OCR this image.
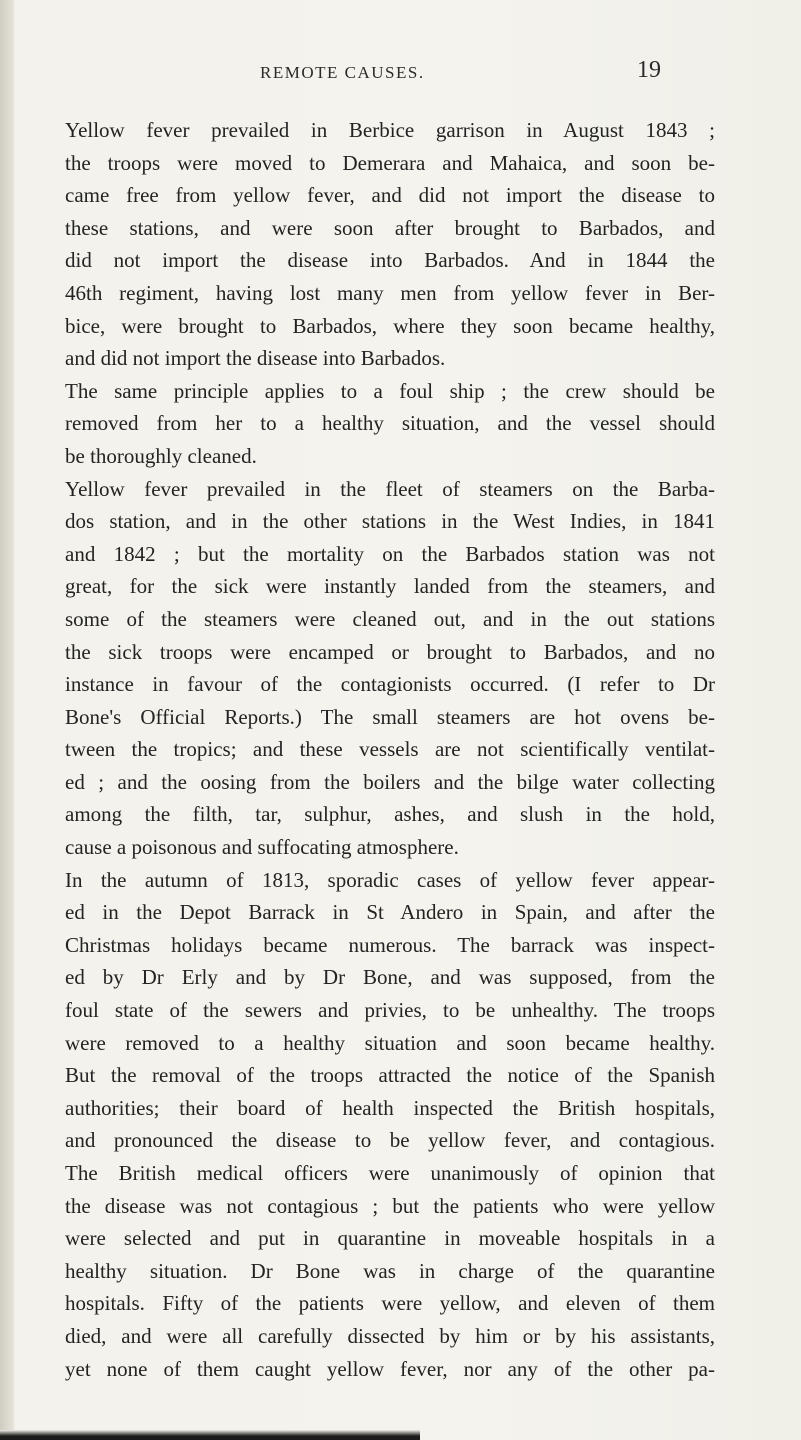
REMOTE CAUSES.	19
Yellow fever prevailed in Berbice garrison in August 1843 ;
the troops were moved to Demerara and Mahaica, and soon be-
came free from yellow fever, and did not import the disease to
these stations, and were soon after brought to Barbados, and
did not import the disease into Barbados. And in 1844 the
46th regiment, having lost many men from yellow fever in Ber-
bice, were brought to Barbados, where they soon became healthy,
and did not import the disease into Barbados.
The same principle applies to a foul ship ; the crew should be
removed from her to a healthy situation, and the vessel should
be thoroughly cleaned.
Yellow fever prevailed in the fleet of steamers on the Barba-
dos station, and in the other stations in the West Indies, in 1841
and 1842 ; but the mortality on the Barbados station was not
great, for the sick were instantly landed from the steamers, and
some of the steamers were cleaned out, and in the out stations
the sick troops were encamped or brought to Barbados, and no
instance in favour of the contagionists occurred. (I refer to Dr
Bone's Official Reports.) The small steamers are hot ovens be-
tween the tropics; and these vessels are not scientifically ventilat-
ed ; and the oosing from the boilers and the bilge water collecting
among the filth, tar, sulphur, ashes, and slush in the hold,
cause a poisonous and suffocating atmosphere.
In the autumn of 1813, sporadic cases of yellow fever appear-
ed in the Depot Barrack in St Andero in Spain, and after the
Christmas holidays became numerous. The barrack was inspect-
ed by Dr Erly and by Dr Bone, and was supposed, from the
foul state of the sewers and privies, to be unhealthy. The troops
were removed to a healthy situation and soon became healthy.
But the removal of the troops attracted the notice of the Spanish
authorities; their board of health inspected the British hospitals,
and pronounced the disease to be yellow fever, and contagious.
The British medical officers were unanimously of opinion that
the disease was not contagious ; but the patients who were yellow
were selected and put in quarantine in moveable hospitals in a
healthy situation. Dr Bone was in charge of the quarantine
hospitals. Fifty of the patients were yellow, and eleven of them
died, and were all carefully dissected by him or by his assistants,
yet none of them caught yellow fever, nor any of the other pa-
